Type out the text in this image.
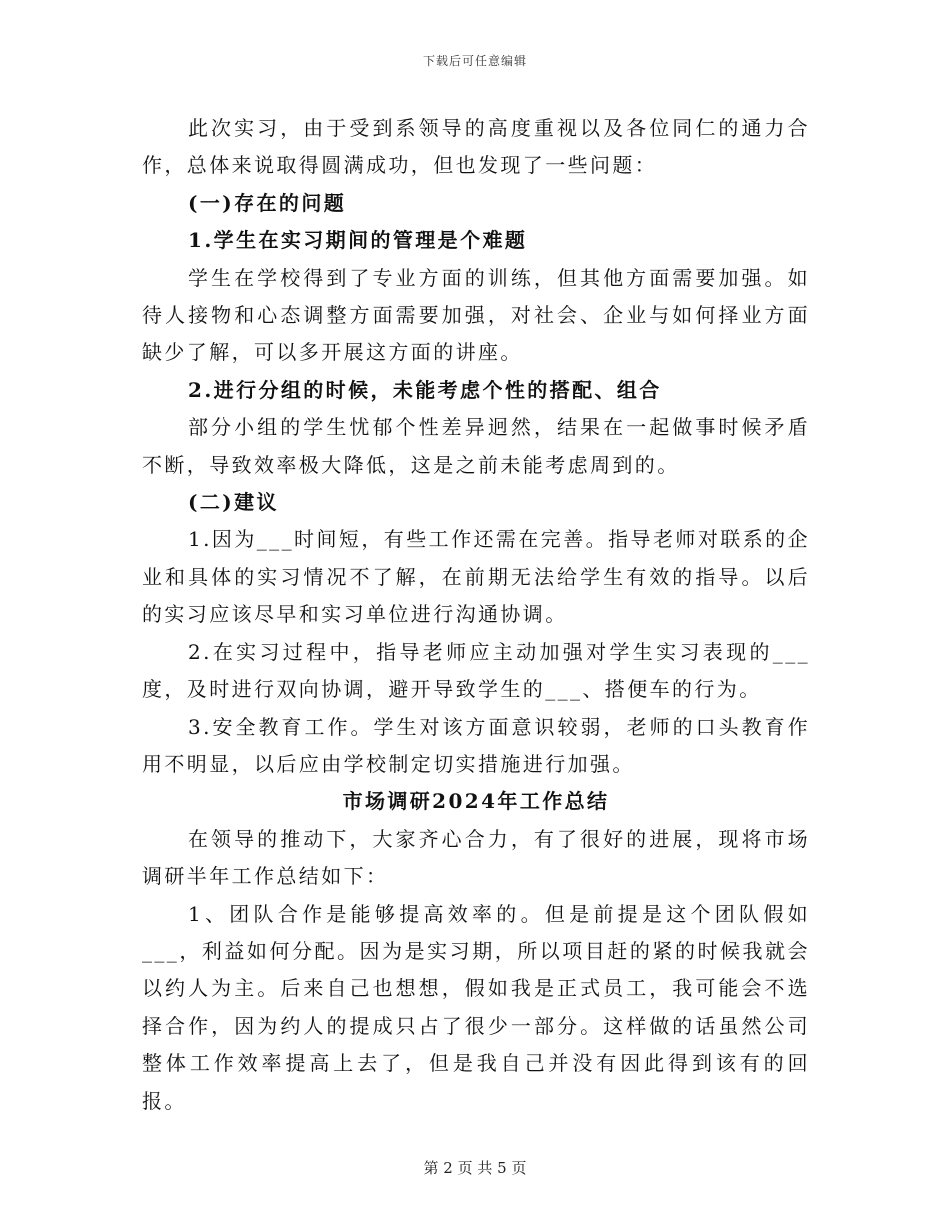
下载后可任意编辑

此次实习，由于受到系领导的高度重视以及各位同仁的通力合作，总体来说取得圆满成功，但也发现了一些问题：

(一)存在的问题

1.学生在实习期间的管理是个难题

学生在学校得到了专业方面的训练，但其他方面需要加强。如待人接物和心态调整方面需要加强，对社会、企业与如何择业方面缺少了解，可以多开展这方面的讲座。

2.进行分组的时候，未能考虑个性的搭配、组合

部分小组的学生忧郁个性差异迥然，结果在一起做事时候矛盾不断，导致效率极大降低，这是之前未能考虑周到的。

(二)建议

1.因为___时间短，有些工作还需在完善。指导老师对联系的企业和具体的实习情况不了解，在前期无法给学生有效的指导。以后的实习应该尽早和实习单位进行沟通协调。

2.在实习过程中，指导老师应主动加强对学生实习表现的___度，及时进行双向协调，避开导致学生的___、搭便车的行为。

3.安全教育工作。学生对该方面意识较弱，老师的口头教育作用不明显，以后应由学校制定切实措施进行加强。

市场调研2024年工作总结

在领导的推动下，大家齐心合力，有了很好的进展，现将市场调研半年工作总结如下：

1、团队合作是能够提高效率的。但是前提是这个团队假如___，利益如何分配。因为是实习期，所以项目赶的紧的时候我就会以约人为主。后来自己也想想，假如我是正式员工，我可能会不选择合作，因为约人的提成只占了很少一部分。这样做的话虽然公司整体工作效率提高上去了，但是我自己并没有因此得到该有的回报。

第 2 页 共 5 页
